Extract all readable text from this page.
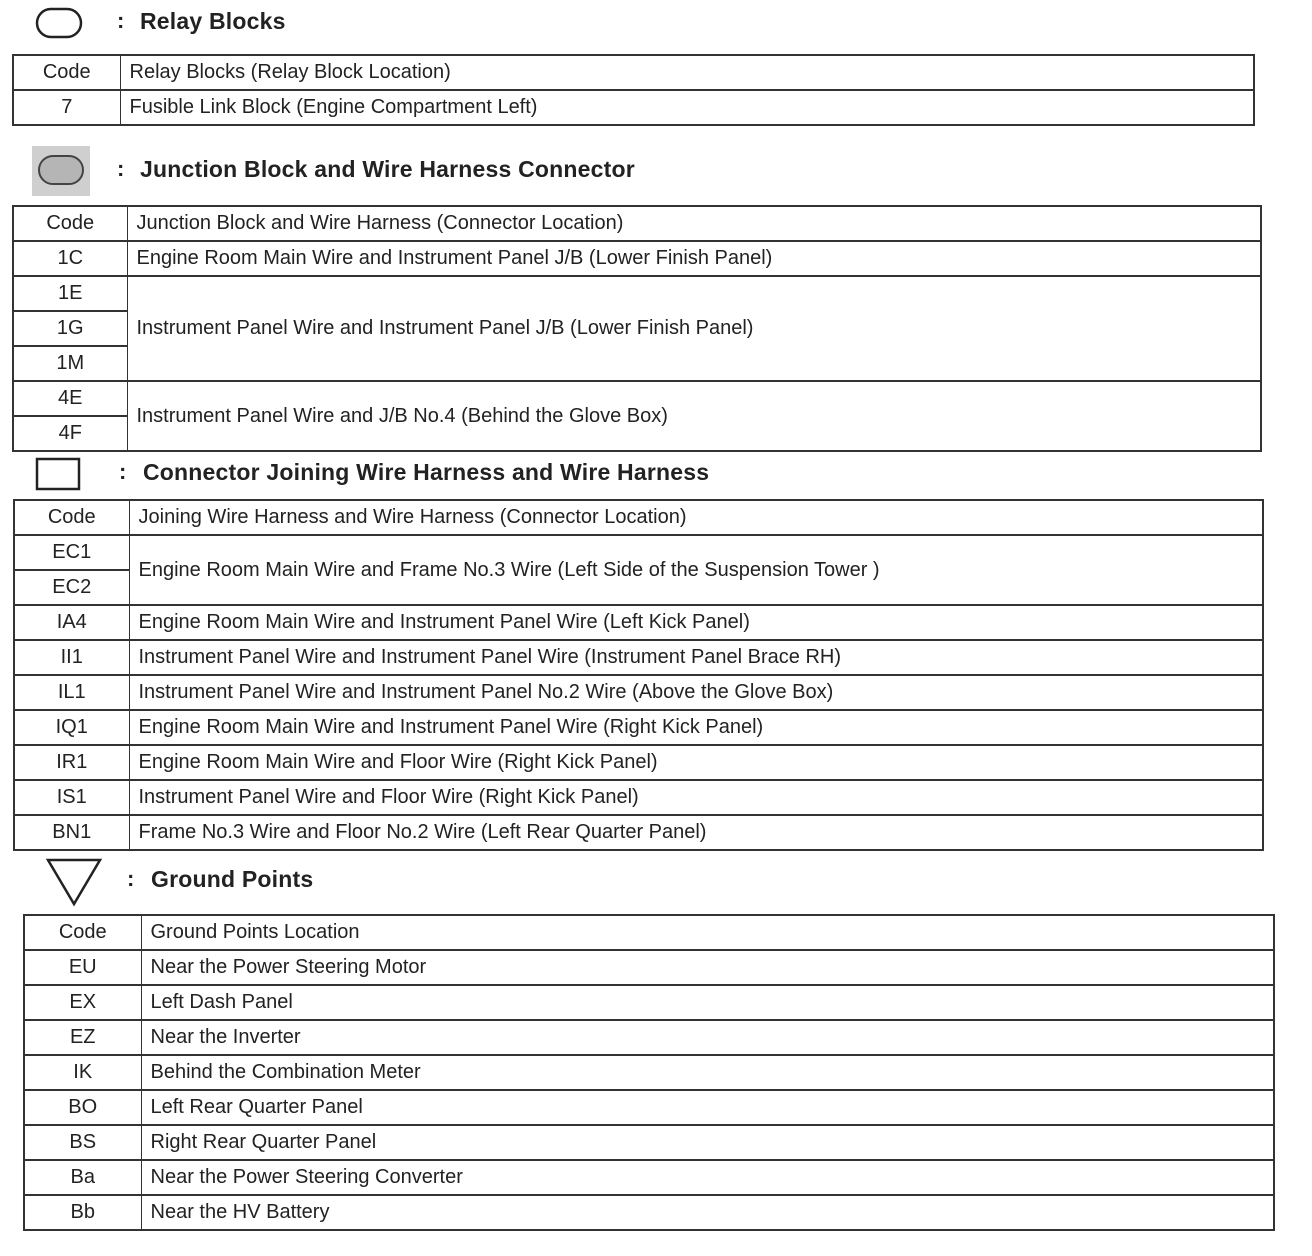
: Relay Blocks
Code	Relay Blocks (Relay Block Location)
7	Fusible Link Block (Engine Compartment Left)
: Junction Block and Wire Harness Connector
Code	Junction Block and Wire Harness (Connector Location)
1C	Engine Room Main Wire and Instrument Panel J/B (Lower Finish Panel)
1E	Instrument Panel Wire and Instrument Panel J/B (Lower Finish Panel)
1G	
1M	
4E	Instrument Panel Wire and J/B No.4 (Behind the Glove Box)
4F	
: Connector Joining Wire Harness and Wire Harness
Code	Joining Wire Harness and Wire Harness (Connector Location)
EC1	Engine Room Main Wire and Frame No.3 Wire (Left Side of the Suspension Tower )
EC2	
IA4	Engine Room Main Wire and Instrument Panel Wire (Left Kick Panel)
II1	Instrument Panel Wire and Instrument Panel Wire (Instrument Panel Brace RH)
IL1	Instrument Panel Wire and Instrument Panel No.2 Wire (Above the Glove Box)
IQ1	Engine Room Main Wire and Instrument Panel Wire (Right Kick Panel)
IR1	Engine Room Main Wire and Floor Wire (Right Kick Panel)
IS1	Instrument Panel Wire and Floor Wire (Right Kick Panel)
BN1	Frame No.3 Wire and Floor No.2 Wire (Left Rear Quarter Panel)
: Ground Points
Code	Ground Points Location
EU	Near the Power Steering Motor
EX	Left Dash Panel
EZ	Near the Inverter
IK	Behind the Combination Meter
BO	Left Rear Quarter Panel
BS	Right Rear Quarter Panel
Ba	Near the Power Steering Converter
Bb	Near the HV Battery
